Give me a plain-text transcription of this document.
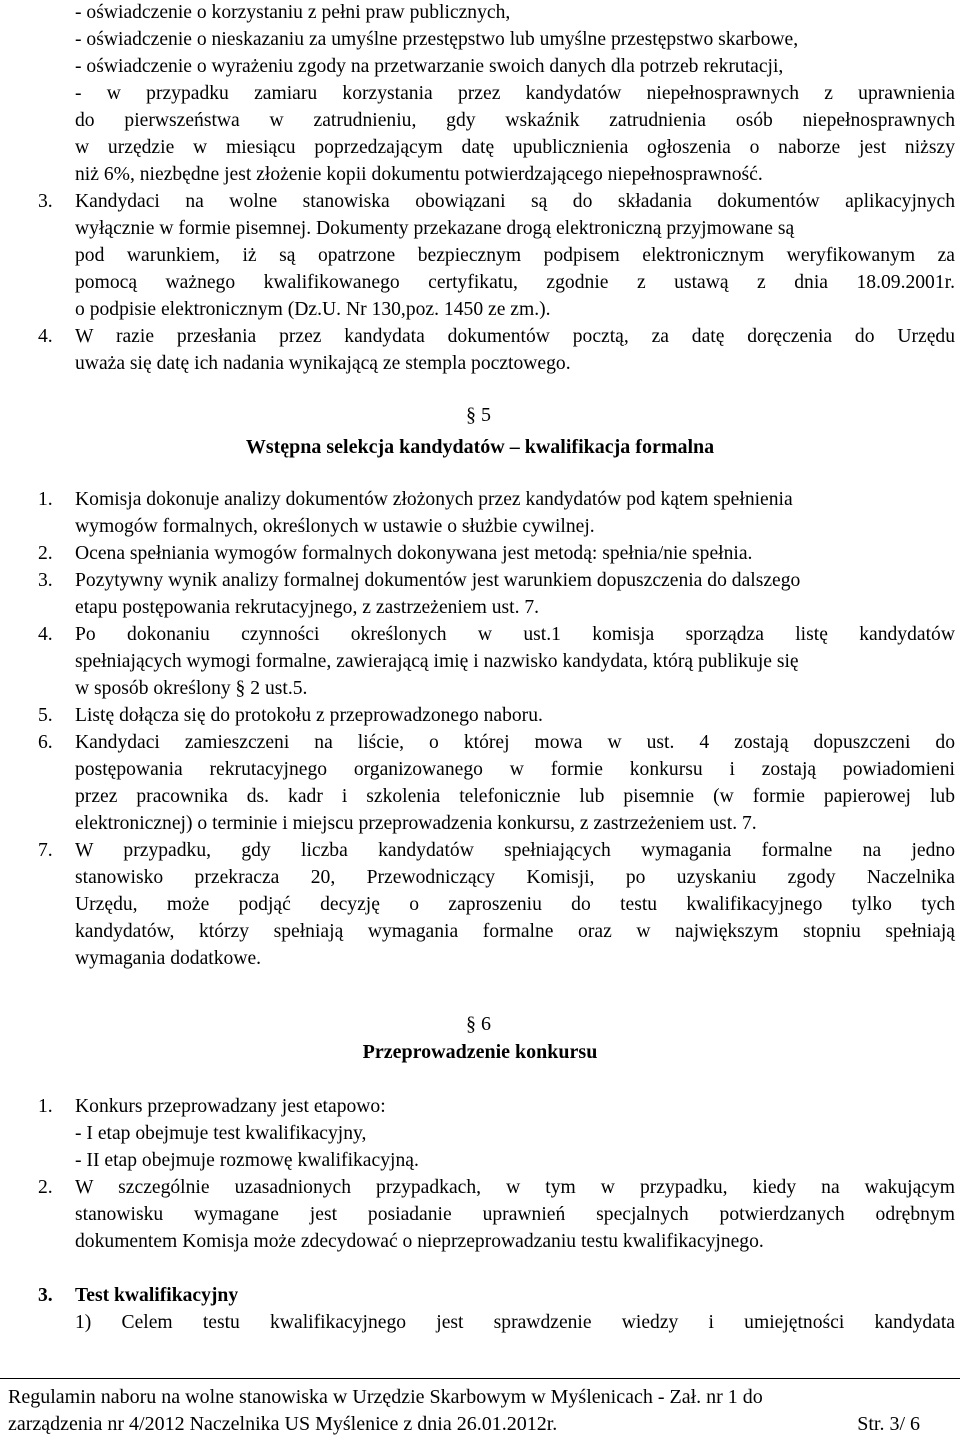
- oświadczenie o korzystaniu z pełni praw publicznych,
- oświadczenie o nieskazaniu za umyślne przestępstwo lub umyślne przestępstwo skarbowe,
- oświadczenie o wyrażeniu zgody na przetwarzanie swoich danych dla potrzeb rekrutacji,
- w przypadku zamiaru korzystania przez kandydatów niepełnosprawnych z uprawnienia
do pierwszeństwa w zatrudnieniu, gdy wskaźnik zatrudnienia osób niepełnosprawnych
w urzędzie w miesiącu poprzedzającym datę upublicznienia ogłoszenia o naborze jest niższy
niż 6%, niezbędne jest złożenie kopii dokumentu potwierdzającego niepełnosprawność.
3. Kandydaci na wolne stanowiska obowiązani są do składania dokumentów aplikacyjnych
wyłącznie w formie pisemnej. Dokumenty przekazane drogą elektroniczną przyjmowane są
pod warunkiem, iż są opatrzone bezpiecznym podpisem elektronicznym weryfikowanym za
pomocą ważnego kwalifikowanego certyfikatu, zgodnie z ustawą z dnia 18.09.2001r.
o podpisie elektronicznym (Dz.U. Nr 130,poz. 1450 ze zm.).
4. W razie przesłania przez kandydata dokumentów pocztą, za datę doręczenia do Urzędu
uważa się datę ich nadania wynikającą ze stempla pocztowego.
§ 5
Wstępna selekcja kandydatów – kwalifikacja formalna
1. Komisja dokonuje analizy dokumentów złożonych przez kandydatów pod kątem spełnienia
wymogów formalnych, określonych w ustawie o służbie cywilnej.
2. Ocena spełniania wymogów formalnych dokonywana jest metodą: spełnia/nie spełnia.
3. Pozytywny wynik analizy formalnej dokumentów jest warunkiem dopuszczenia do dalszego
etapu postępowania rekrutacyjnego, z zastrzeżeniem ust. 7.
4. Po dokonaniu czynności określonych w ust.1 komisja sporządza listę kandydatów
spełniających wymogi formalne, zawierającą imię i nazwisko kandydata, którą publikuje się
w sposób określony § 2 ust.5.
5. Listę dołącza się do protokołu z przeprowadzonego naboru.
6. Kandydaci zamieszczeni na liście, o której mowa w ust. 4 zostają dopuszczeni do
postępowania rekrutacyjnego organizowanego w formie konkursu i zostają powiadomieni
przez pracownika ds. kadr i szkolenia telefonicznie lub pisemnie (w formie papierowej lub
elektronicznej) o terminie i miejscu przeprowadzenia konkursu, z zastrzeżeniem ust. 7.
7. W przypadku, gdy liczba kandydatów spełniających wymagania formalne na jedno
stanowisko przekracza 20, Przewodniczący Komisji, po uzyskaniu zgody Naczelnika
Urzędu, może podjąć decyzję o zaproszeniu do testu kwalifikacyjnego tylko tych
kandydatów, którzy spełniają wymagania formalne oraz w największym stopniu spełniają
wymagania dodatkowe.
§ 6
Przeprowadzenie konkursu
1. Konkurs przeprowadzany jest etapowo:
- I etap obejmuje test kwalifikacyjny,
- II etap obejmuje rozmowę kwalifikacyjną.
2. W szczególnie uzasadnionych przypadkach, w tym w przypadku, kiedy na wakującym
stanowisku wymagane jest posiadanie uprawnień specjalnych potwierdzanych odrębnym
dokumentem Komisja może zdecydować o nieprzeprowadzaniu testu kwalifikacyjnego.
3. Test kwalifikacyjny
1) Celem testu kwalifikacyjnego jest sprawdzenie wiedzy i umiejętności kandydata
Regulamin naboru na wolne stanowiska w Urzędzie Skarbowym w Myślenicach - Zał. nr 1 do
zarządzenia nr 4/2012 Naczelnika US Myślenice z dnia 26.01.2012r.	Str. 3/ 6
